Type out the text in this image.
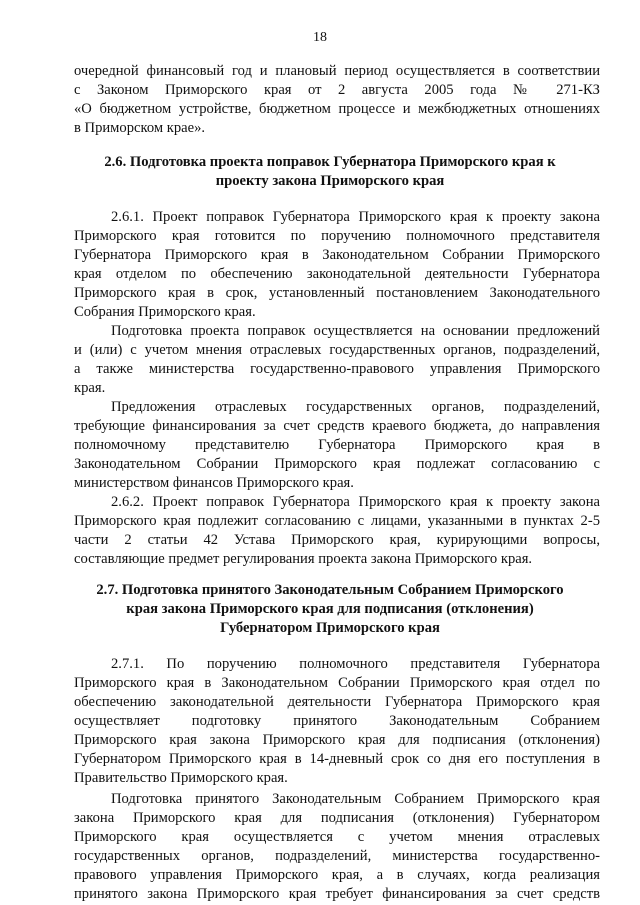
18
очередной финансовый год и плановый период осуществляется в соответствии
с Законом Приморского края от 2 августа 2005 года № 271-КЗ
«О бюджетном устройстве, бюджетном процессе и межбюджетных отношениях
в Приморском крае».
2.6. Подготовка проекта поправок Губернатора Приморского края к
проекту закона Приморского края
2.6.1. Проект поправок Губернатора Приморского края к проекту закона
Приморского края готовится по поручению полномочного представителя
Губернатора Приморского края в Законодательном Собрании Приморского
края отделом по обеспечению законодательной деятельности Губернатора
Приморского края в срок, установленный постановлением Законодательного
Собрания Приморского края.
Подготовка проекта поправок осуществляется на основании предложений
и (или) с учетом мнения отраслевых государственных органов, подразделений,
а также министерства государственно-правового управления Приморского
края.
Предложения отраслевых государственных органов, подразделений,
требующие финансирования за счет средств краевого бюджета, до направления
полномочному представителю Губернатора Приморского края в
Законодательном Собрании Приморского края подлежат согласованию с
министерством финансов Приморского края.
2.6.2. Проект поправок Губернатора Приморского края к проекту закона
Приморского края подлежит согласованию с лицами, указанными в пунктах 2-5
части 2 статьи 42 Устава Приморского края, курирующими вопросы,
составляющие предмет регулирования проекта закона Приморского края.
2.7. Подготовка принятого Законодательным Собранием Приморского
края закона Приморского края для подписания (отклонения)
Губернатором Приморского края
2.7.1. По поручению полномочного представителя Губернатора
Приморского края в Законодательном Собрании Приморского края отдел по
обеспечению законодательной деятельности Губернатора Приморского края
осуществляет подготовку принятого Законодательным Собранием
Приморского края закона Приморского края для подписания (отклонения)
Губернатором Приморского края в 14-дневный срок со дня его поступления в
Правительство Приморского края.
Подготовка принятого Законодательным Собранием Приморского края
закона Приморского края для подписания (отклонения) Губернатором
Приморского края осуществляется с учетом мнения отраслевых
государственных органов, подразделений, министерства государственно-
правового управления Приморского края, а в случаях, когда реализация
принятого закона Приморского края требует финансирования за счет средств
